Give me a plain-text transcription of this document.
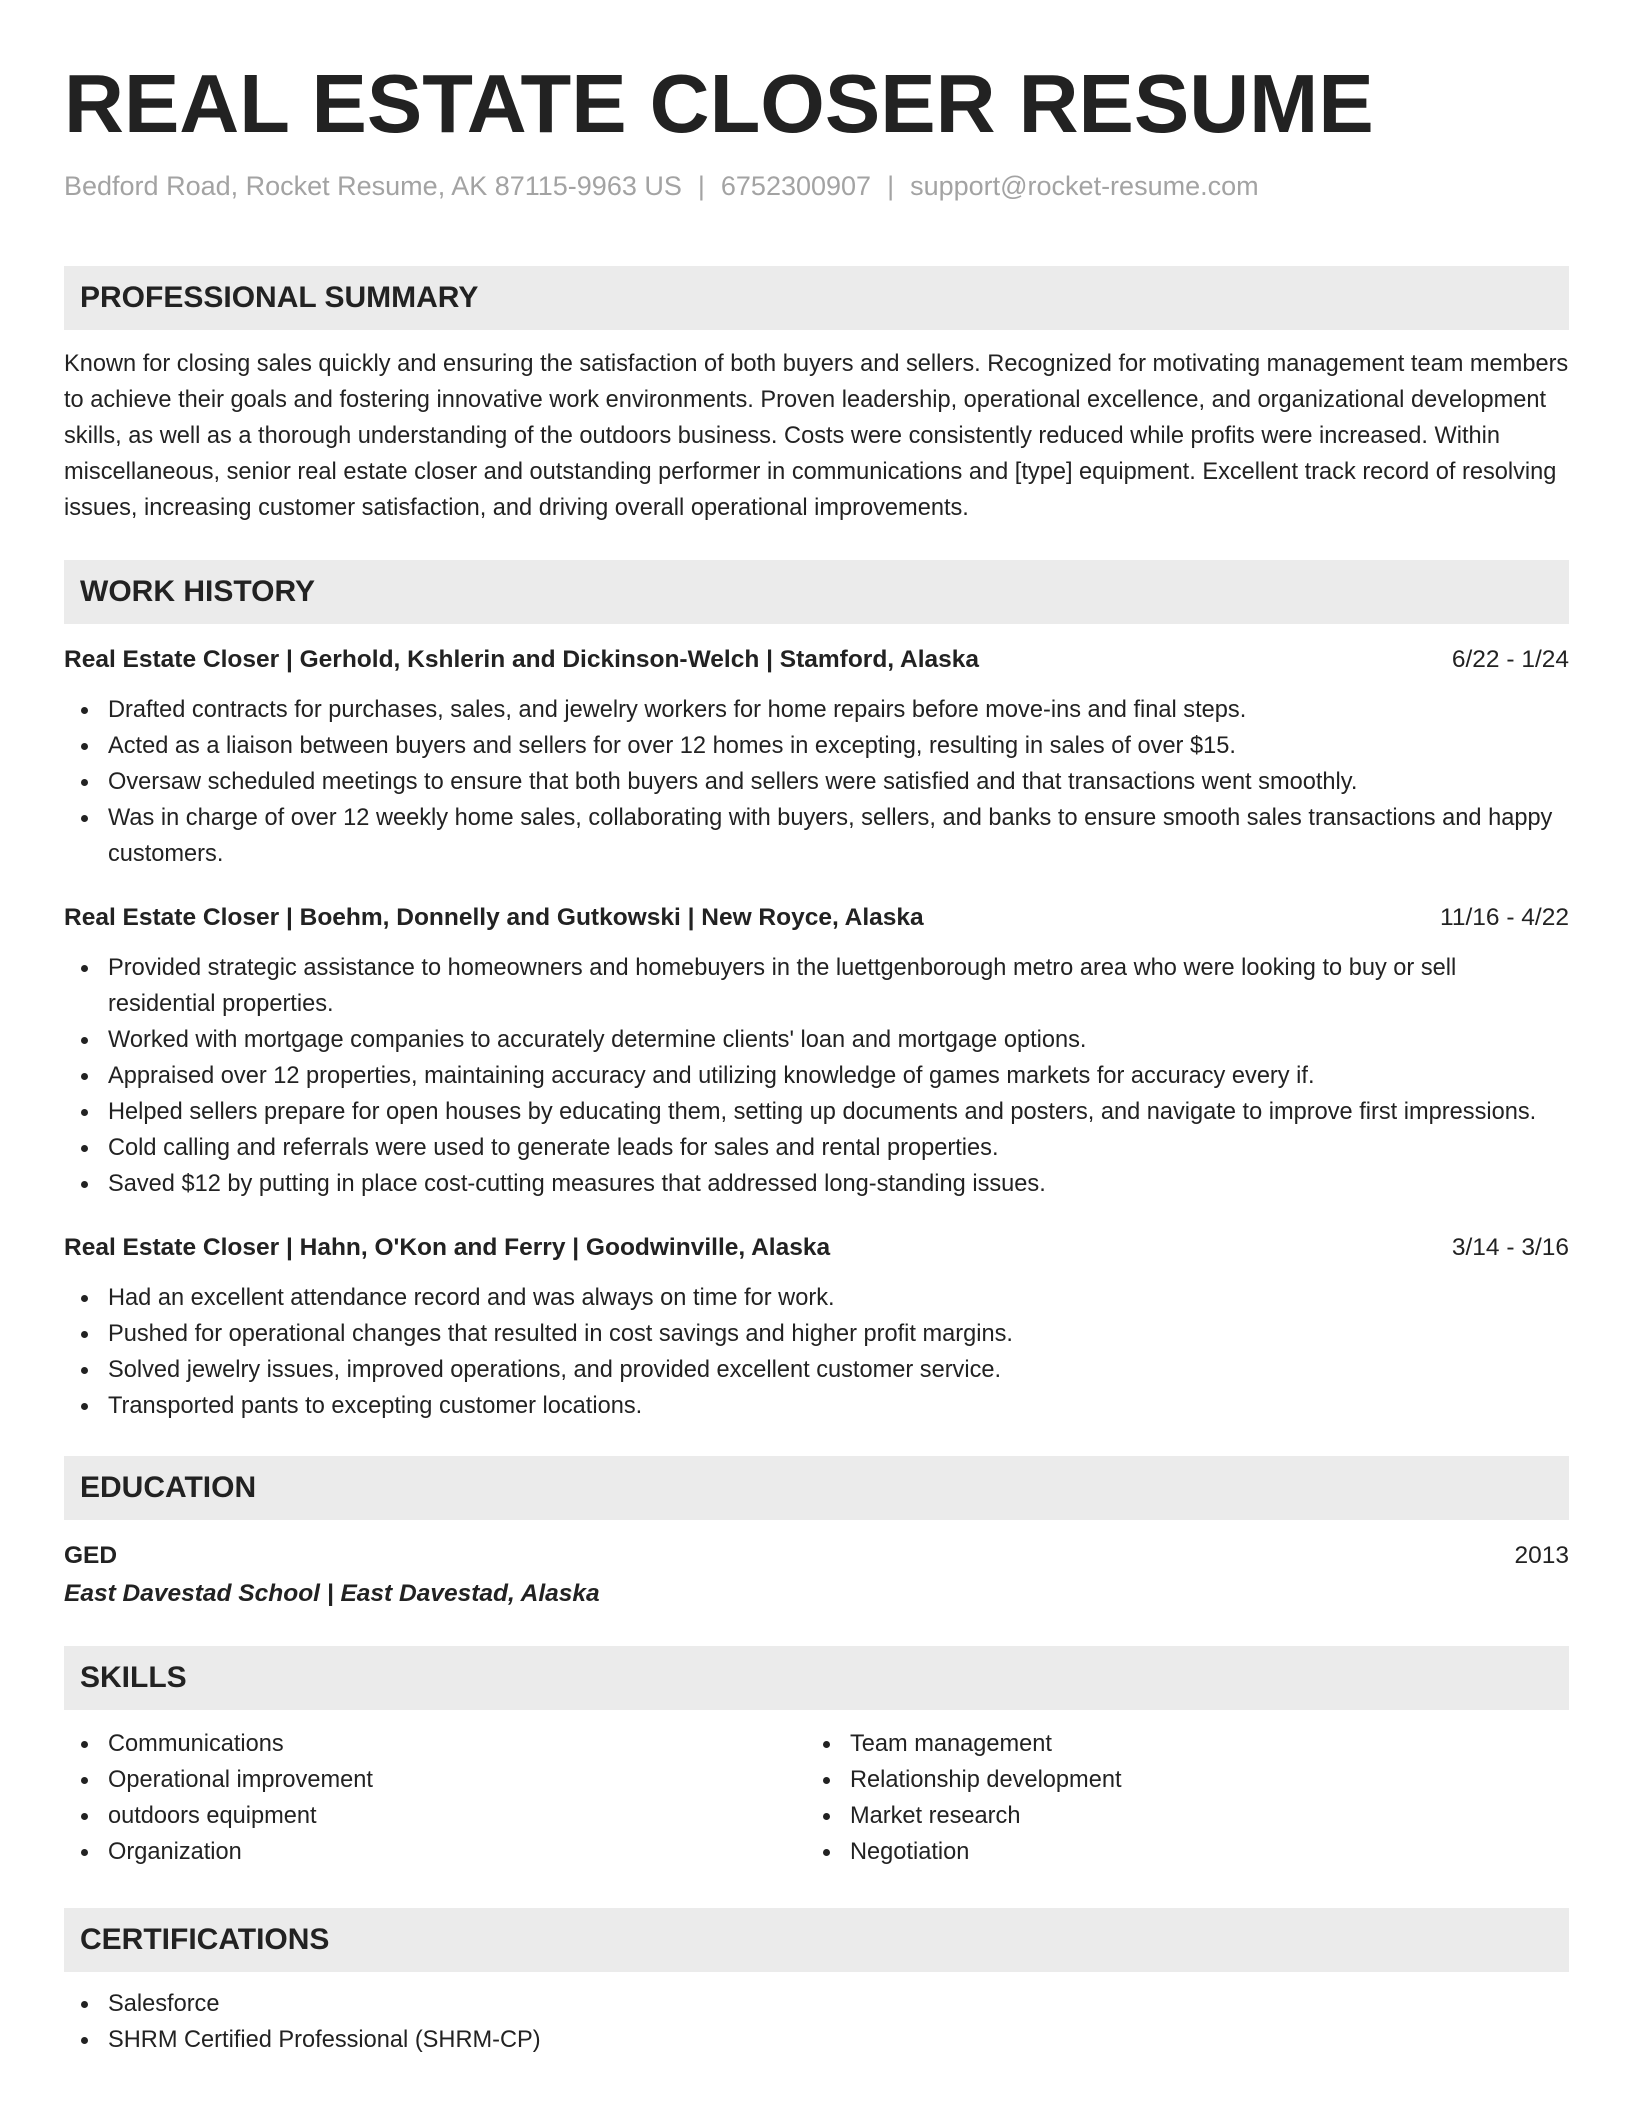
REAL ESTATE CLOSER RESUME
Bedford Road, Rocket Resume, AK 87115-9963 US | 6752300907 | support@rocket-resume.com
PROFESSIONAL SUMMARY
Known for closing sales quickly and ensuring the satisfaction of both buyers and sellers. Recognized for motivating management team members to achieve their goals and fostering innovative work environments. Proven leadership, operational excellence, and organizational development skills, as well as a thorough understanding of the outdoors business. Costs were consistently reduced while profits were increased. Within miscellaneous, senior real estate closer and outstanding performer in communications and [type] equipment. Excellent track record of resolving issues, increasing customer satisfaction, and driving overall operational improvements.
WORK HISTORY
Real Estate Closer | Gerhold, Kshlerin and Dickinson-Welch | Stamford, Alaska	6/22 - 1/24
Drafted contracts for purchases, sales, and jewelry workers for home repairs before move-ins and final steps.
Acted as a liaison between buyers and sellers for over 12 homes in excepting, resulting in sales of over $15.
Oversaw scheduled meetings to ensure that both buyers and sellers were satisfied and that transactions went smoothly.
Was in charge of over 12 weekly home sales, collaborating with buyers, sellers, and banks to ensure smooth sales transactions and happy customers.
Real Estate Closer | Boehm, Donnelly and Gutkowski | New Royce, Alaska	11/16 - 4/22
Provided strategic assistance to homeowners and homebuyers in the luettgenborough metro area who were looking to buy or sell residential properties.
Worked with mortgage companies to accurately determine clients' loan and mortgage options.
Appraised over 12 properties, maintaining accuracy and utilizing knowledge of games markets for accuracy every if.
Helped sellers prepare for open houses by educating them, setting up documents and posters, and navigate to improve first impressions.
Cold calling and referrals were used to generate leads for sales and rental properties.
Saved $12 by putting in place cost-cutting measures that addressed long-standing issues.
Real Estate Closer | Hahn, O'Kon and Ferry | Goodwinville, Alaska	3/14 - 3/16
Had an excellent attendance record and was always on time for work.
Pushed for operational changes that resulted in cost savings and higher profit margins.
Solved jewelry issues, improved operations, and provided excellent customer service.
Transported pants to excepting customer locations.
EDUCATION
GED	2013
East Davestad School | East Davestad, Alaska
SKILLS
Communications
Operational improvement
outdoors equipment
Organization
Team management
Relationship development
Market research
Negotiation
CERTIFICATIONS
Salesforce
SHRM Certified Professional (SHRM-CP)
